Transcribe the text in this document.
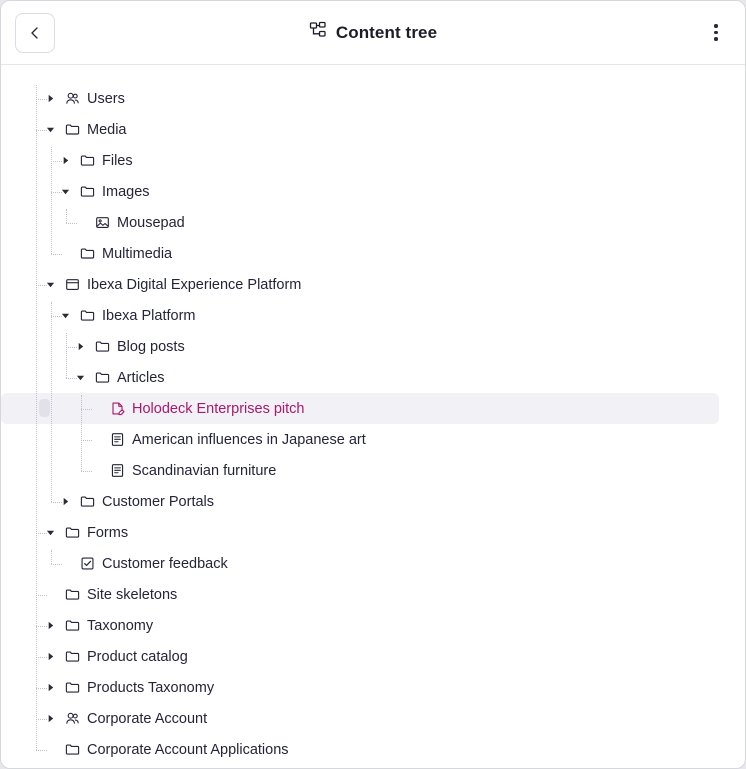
Content tree
Users
Media
Files
Images
Mousepad
Multimedia
Ibexa Digital Experience Platform
Ibexa Platform
Blog posts
Articles
Holodeck Enterprises pitch
American influences in Japanese art
Scandinavian furniture
Customer Portals
Forms
Customer feedback
Site skeletons
Taxonomy
Product catalog
Products Taxonomy
Corporate Account
Corporate Account Applications
